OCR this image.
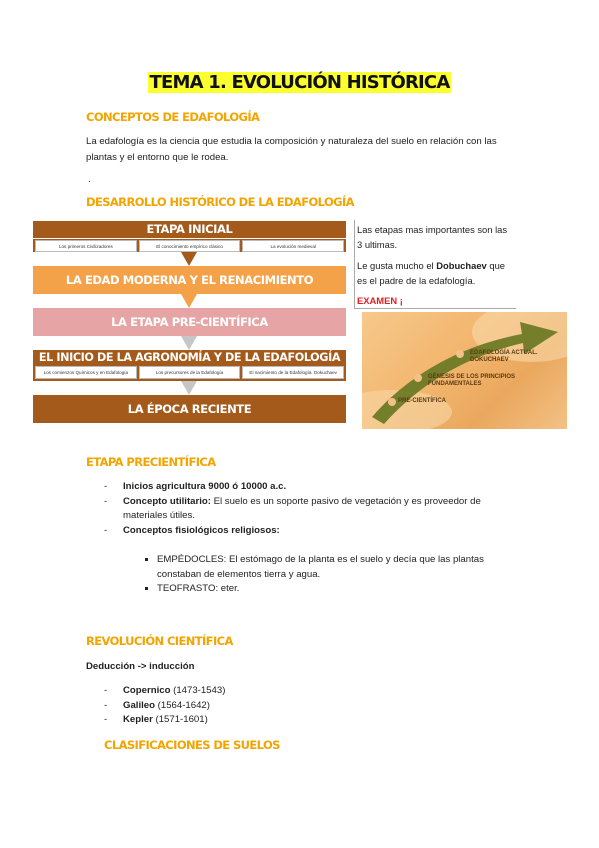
TEMA 1. EVOLUCIÓN HISTÓRICA
CONCEPTOS DE EDAFOLOGÍA
La edafología es la ciencia que estudia la composición y naturaleza del suelo en relación con las plantas y el entorno que le rodea.
.
DESARROLLO HISTÓRICO DE LA EDAFOLOGÍA
ETAPA INICIAL
Los primeros Civilizadores	El conocimiento empírico clásico	La evolución medieval
LA EDAD MODERNA Y EL RENACIMIENTO
LA ETAPA PRE-CIENTÍFICA
EL INICIO DE LA AGRONOMÍA Y DE LA EDAFOLOGÍA
Los comienzos Químicos y en Edafología	Los precursores de la Edafología	El nacimiento de la Edafología. Dokuchaev
LA ÉPOCA RECIENTE
Las etapas mas importantes son las 3 ultimas.
Le gusta mucho el Dobuchaev que es el padre de la edafología.
EXAMEN ¡
EDAFOLOGÍA ACTUAL. DOKUCHAEV
GÉNESIS DE LOS PRINCIPIOS FUNDAMENTALES
PRE-CIENTÍFICA
ETAPA PRECIENTÍFICA
- Inicios agricultura 9000 ó 10000 a.c.
- Concepto utilitario: El suelo es un soporte pasivo de vegetación y es proveedor de materiales útiles.
- Conceptos fisiológicos religiosos:
EMPÉDOCLES: El estómago de la planta es el suelo y decía que las plantas constaban de elementos tierra y agua.
TEOFRASTO: eter.
REVOLUCIÓN CIENTÍFICA
Deducción -> inducción
- Copernico (1473-1543)
- Galileo (1564-1642)
- Kepler (1571-1601)
CLASIFICACIONES DE SUELOS
